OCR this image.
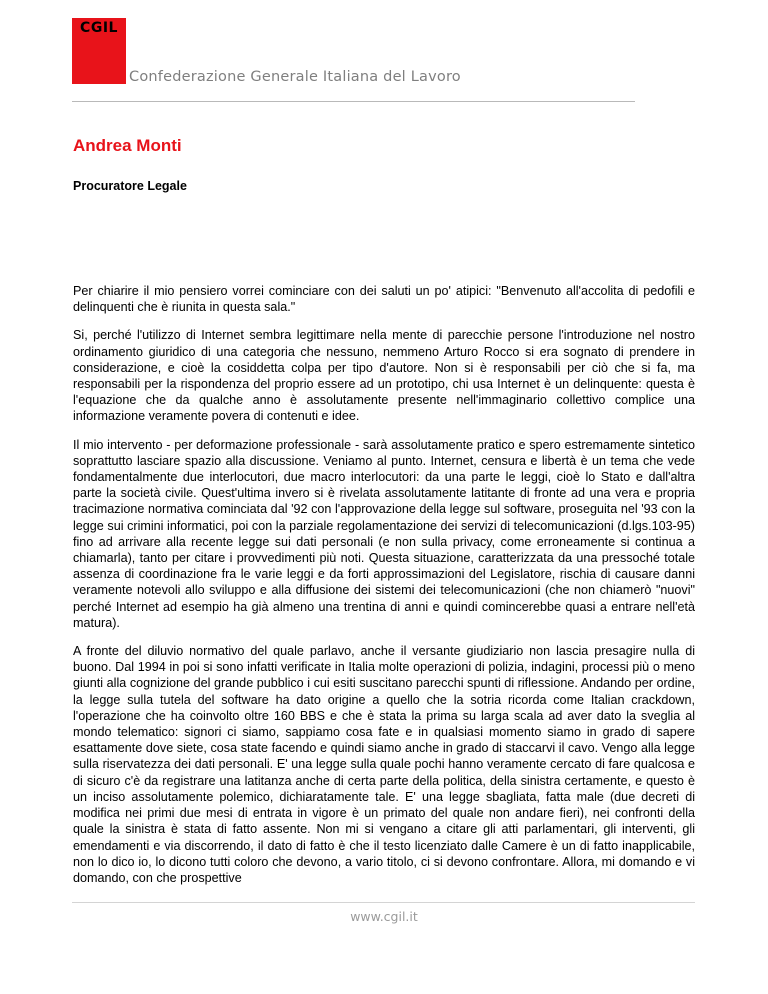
CGIL
Confederazione Generale Italiana del Lavoro
Andrea Monti
Procuratore Legale

Per chiarire il mio pensiero vorrei cominciare con dei saluti un po' atipici: "Benvenuto all'accolita di pedofili e delinquenti che è riunita in questa sala."

Si, perché l'utilizzo di Internet sembra legittimare nella mente di parecchie persone l'introduzione nel nostro ordinamento giuridico di una categoria che nessuno, nemmeno Arturo Rocco si era sognato di prendere in considerazione, e cioè la cosiddetta colpa per tipo d'autore. Non si è responsabili per ciò che si fa, ma responsabili per la rispondenza del proprio essere ad un prototipo, chi usa Internet è un delinquente: questa è l'equazione che da qualche anno è assolutamente presente nell'immaginario collettivo complice una informazione veramente povera di contenuti e idee.

Il mio intervento - per deformazione professionale - sarà assolutamente pratico e spero estremamente sintetico soprattutto lasciare spazio alla discussione. Veniamo al punto. Internet, censura e libertà è un tema che vede fondamentalmente due interlocutori, due macro interlocutori: da una parte le leggi, cioè lo Stato e dall'altra parte la società civile. Quest'ultima invero si è rivelata assolutamente latitante di fronte ad una vera e propria tracimazione normativa cominciata dal '92 con l'approvazione della legge sul software, proseguita nel '93 con la legge sui crimini informatici, poi con la parziale regolamentazione dei servizi di telecomunicazioni (d.lgs.103-95) fino ad arrivare alla recente legge sui dati personali (e non sulla privacy, come erroneamente si continua a chiamarla), tanto per citare i provvedimenti più noti. Questa situazione, caratterizzata da una pressoché totale assenza di coordinazione fra le varie leggi e da forti approssimazioni del Legislatore, rischia di causare danni veramente notevoli allo sviluppo e alla diffusione dei sistemi dei telecomunicazioni (che non chiamerò "nuovi" perché Internet ad esempio ha già almeno una trentina di anni e quindi comincerebbe quasi a entrare nell'età matura).

A fronte del diluvio normativo del quale parlavo, anche il versante giudiziario non lascia presagire nulla di buono. Dal 1994 in poi si sono infatti verificate in Italia molte operazioni di polizia, indagini, processi più o meno giunti alla cognizione del grande pubblico i cui esiti suscitano parecchi spunti di riflessione. Andando per ordine, la legge sulla tutela del software ha dato origine a quello che la sotria ricorda come Italian crackdown, l'operazione che ha coinvolto oltre 160 BBS e che è stata la prima su larga scala ad aver dato la sveglia al mondo telematico: signori ci siamo, sappiamo cosa fate e in qualsiasi momento siamo in grado di sapere esattamente dove siete, cosa state facendo e quindi siamo anche in grado di staccarvi il cavo. Vengo alla legge sulla riservatezza dei dati personali. E' una legge sulla quale pochi hanno veramente cercato di fare qualcosa e di sicuro c'è da registrare una latitanza anche di certa parte della politica, della sinistra certamente, e questo è un inciso assolutamente polemico, dichiaratamente tale. E' una legge sbagliata, fatta male (due decreti di modifica nei primi due mesi di entrata in vigore è un primato del quale non andare fieri), nei confronti della quale la sinistra è stata di fatto assente. Non mi si vengano a citare gli atti parlamentari, gli interventi, gli emendamenti e via discorrendo, il dato di fatto è che il testo licenziato dalle Camere è un di fatto inapplicabile, non lo dico io, lo dicono tutti coloro che devono, a vario titolo, ci si devono confrontare. Allora, mi domando e vi domando, con che prospettive

www.cgil.it
